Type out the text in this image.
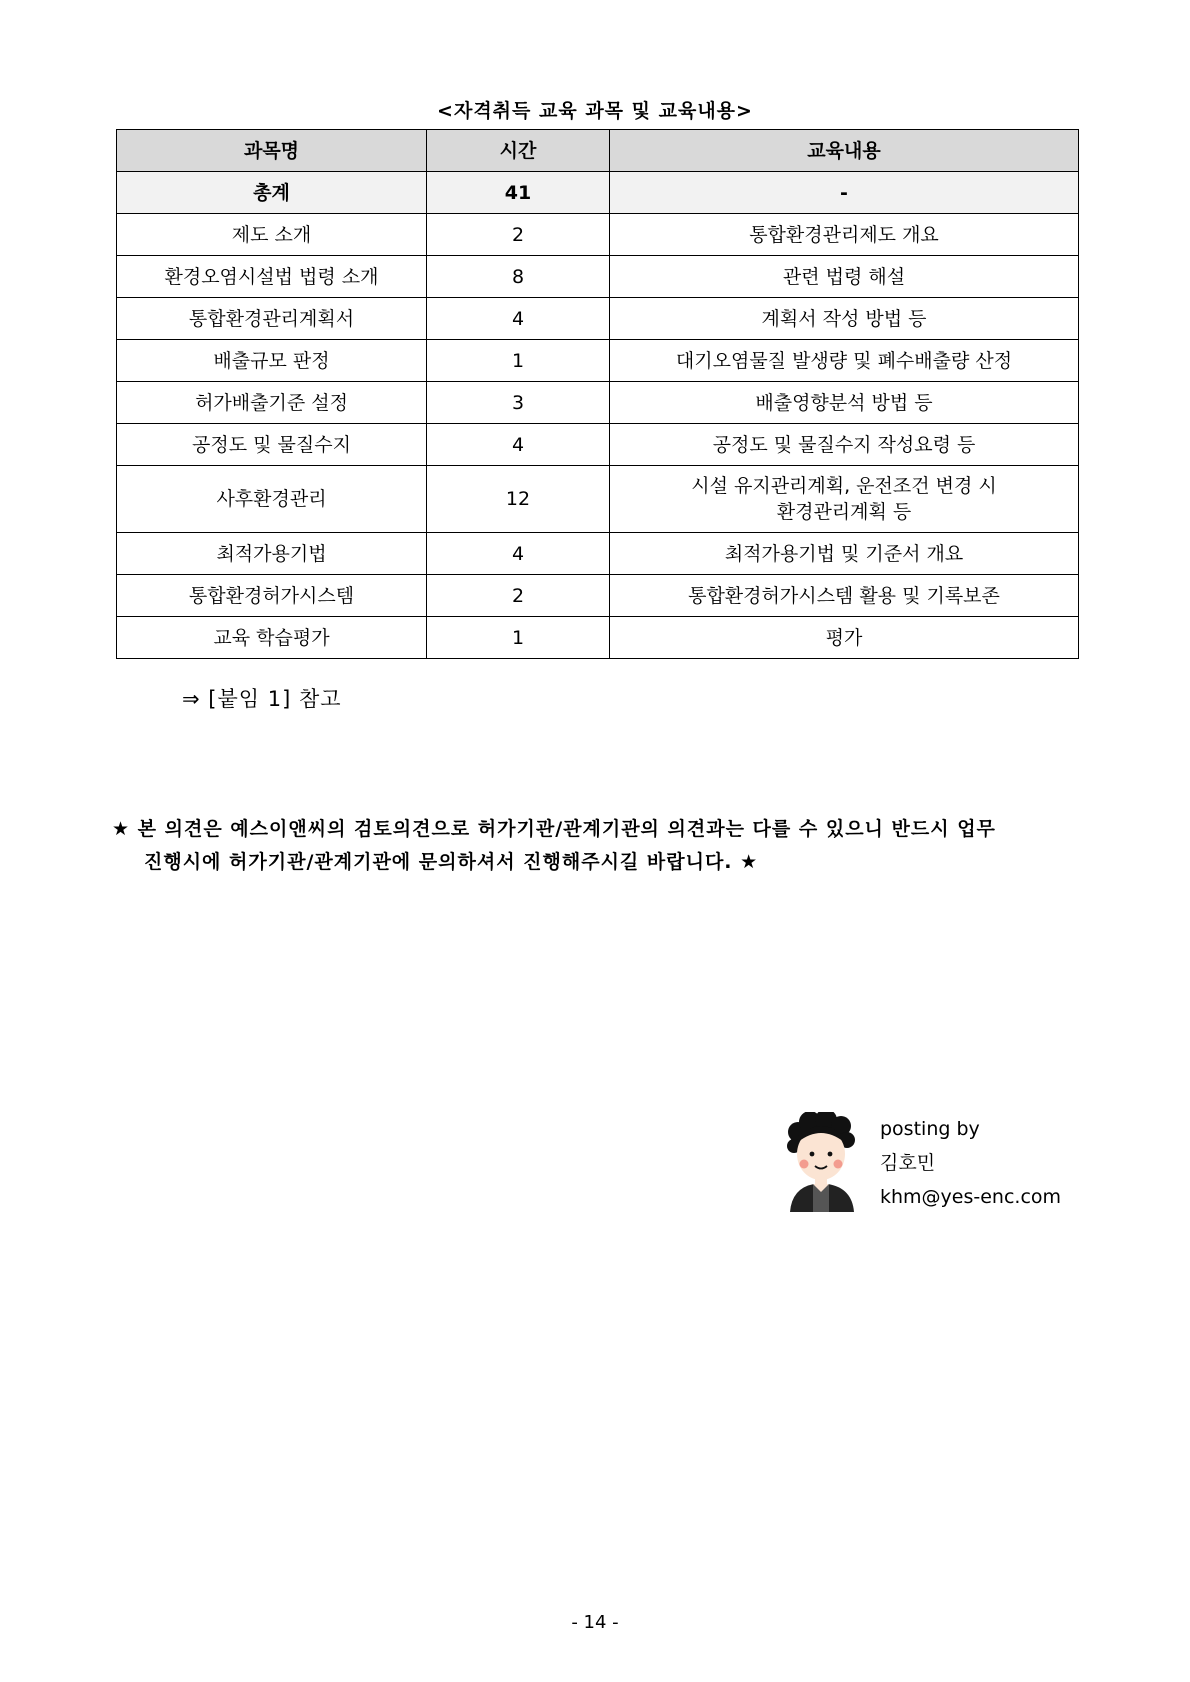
<자격취득 교육 과목 및 교육내용>
과목명	시간	교육내용
총계	41	-
제도 소개	2	통합환경관리제도 개요
환경오염시설법 법령 소개	8	관련 법령 해설
통합환경관리계획서	4	계획서 작성 방법 등
배출규모 판정	1	대기오염물질 발생량 및 폐수배출량 산정
허가배출기준 설정	3	배출영향분석 방법 등
공정도 및 물질수지	4	공정도 및 물질수지 작성요령 등
사후환경관리	12	시설 유지관리계획, 운전조건 변경 시
환경관리계획 등

최적가용기법	4	최적가용기법 및 기준서 개요
통합환경허가시스템	2	통합환경허가시스템 활용 및 기록보존
교육 학습평가	1	평가
⇒ [붙임 1] 참고
★ 본 의견은 예스이앤씨의 검토의견으로 허가기관/관계기관의 의견과는 다를 수 있으니 반드시 업무
진행시에 허가기관/관계기관에 문의하셔서 진행해주시길 바랍니다. ★
posting by
김호민
khm@yes-enc.com
- 14 -
